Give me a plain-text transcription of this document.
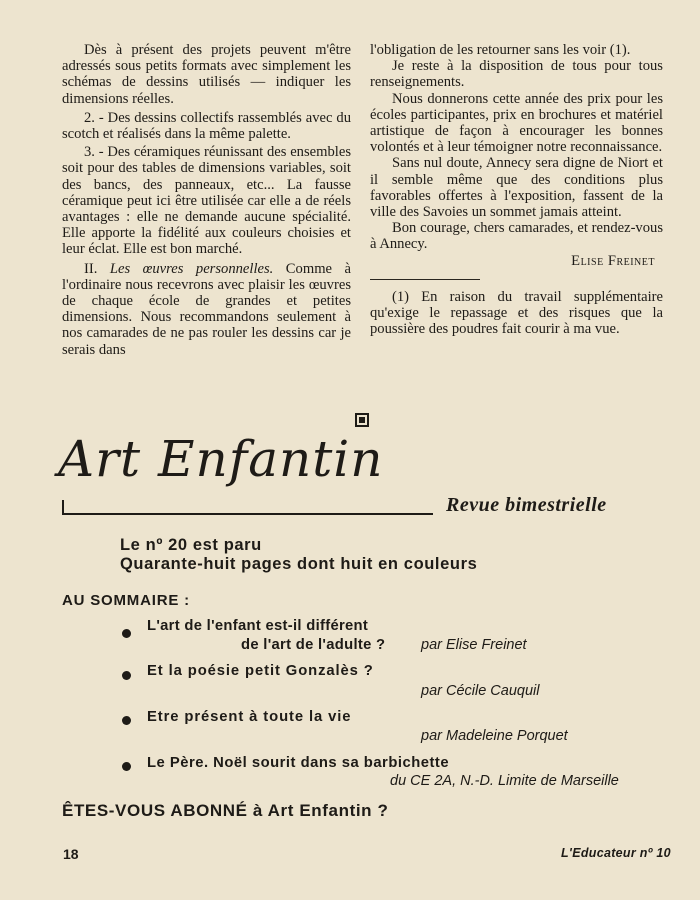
Dès à présent des projets peuvent m'être adressés sous petits formats avec simplement les schémas de dessins utilisés — indiquer les dimensions réelles.

2. - Des dessins collectifs rassemblés avec du scotch et réalisés dans la même palette.

3. - Des céramiques réunissant des ensembles soit pour des tables de dimensions variables, soit des bancs, des panneaux, etc... La fausse céramique peut ici être utilisée car elle a de réels avantages : elle ne demande aucune spécialité. Elle apporte la fidélité aux couleurs choisies et leur éclat. Elle est bon marché.

II. Les œuvres personnelles. Comme à l'ordinaire nous recevrons avec plaisir les œuvres de chaque école de grandes et petites dimensions. Nous recommandons seulement à nos camarades de ne pas rouler les dessins car je serais dans

l'obligation de les retourner sans les voir (1).

Je reste à la disposition de tous pour tous renseignements.

Nous donnerons cette année des prix pour les écoles participantes, prix en brochures et matériel artistique de façon à encourager les bonnes volontés et à leur témoigner notre reconnaissance.

Sans nul doute, Annecy sera digne de Niort et il semble même que des conditions plus favorables offertes à l'exposition, fassent de la ville des Savoies un sommet jamais atteint.

Bon courage, chers camarades, et rendez-vous à Annecy.

Elise Freinet

(1) En raison du travail supplémentaire qu'exige le repassage et des risques que la poussière des poudres fait courir à ma vue.

Art Enfantin
Revue bimestrielle
Le nº 20 est paru
Quarante-huit pages dont huit en couleurs
AU SOMMAIRE :
L'art de l'enfant est-il différent
de l'art de l'adulte ? par Elise Freinet
Et la poésie petit Gonzalès ?
par Cécile Cauquil
Etre présent à toute la vie
par Madeleine Porquet
Le Père. Noël sourit dans sa barbichette
du CE 2A, N.-D. Limite de Marseille
ÊTES-VOUS ABONNÉ à Art Enfantin ?
18	L'Educateur nº 10
